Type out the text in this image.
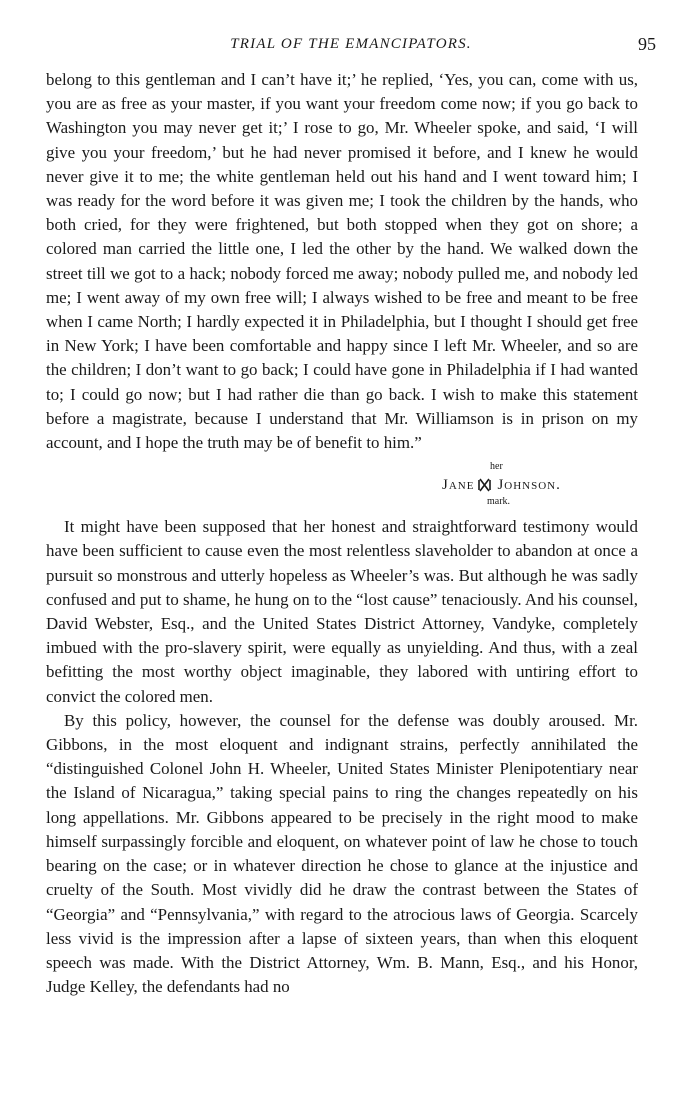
TRIAL OF THE EMANCIPATORS.	95

belong to this gentleman and I can’t have it;’ he replied, ‘Yes, you can, come with us, you are as free as your master, if you want your freedom come now; if you go back to Washington you may never get it;’ I rose to go, Mr. Wheeler spoke, and said, ‘I will give you your freedom,’ but he had never promised it before, and I knew he would never give it to me; the white gentleman held out his hand and I went toward him; I was ready for the word before it was given me; I took the children by the hands, who both cried, for they were frightened, but both stopped when they got on shore; a colored man carried the little one, I led the other by the hand. We walked down the street till we got to a hack; nobody forced me away; nobody pulled me, and nobody led me; I went away of my own free will; I always wished to be free and meant to be free when I came North; I hardly expected it in Philadelphia, but I thought I should get free in New York; I have been comfortable and happy since I left Mr. Wheeler, and so are the children; I don’t want to go back; I could have gone in Philadelphia if I had wanted to; I could go now; but I had rather die than go back. I wish to make this statement before a magistrate, because I understand that Mr. Williamson is in prison on my account, and I hope the truth may be of benefit to him.”

her
Jane Johnson.
mark.

It might have been supposed that her honest and straightforward testimony would have been sufficient to cause even the most relentless slaveholder to abandon at once a pursuit so monstrous and utterly hopeless as Wheeler’s was. But although he was sadly confused and put to shame, he hung on to the “lost cause” tenaciously. And his counsel, David Webster, Esq., and the United States District Attorney, Vandyke, completely imbued with the pro-slavery spirit, were equally as unyielding. And thus, with a zeal befitting the most worthy object imaginable, they labored with untiring effort to convict the colored men.

By this policy, however, the counsel for the defense was doubly aroused. Mr. Gibbons, in the most eloquent and indignant strains, perfectly annihilated the “distinguished Colonel John H. Wheeler, United States Minister Plenipotentiary near the Island of Nicaragua,” taking special pains to ring the changes repeatedly on his long appellations. Mr. Gibbons appeared to be precisely in the right mood to make himself surpassingly forcible and eloquent, on whatever point of law he chose to touch bearing on the case; or in whatever direction he chose to glance at the injustice and cruelty of the South. Most vividly did he draw the contrast between the States of “Georgia” and “Pennsylvania,” with regard to the atrocious laws of Georgia. Scarcely less vivid is the impression after a lapse of sixteen years, than when this eloquent speech was made. With the District Attorney, Wm. B. Mann, Esq., and his Honor, Judge Kelley, the defendants had no
